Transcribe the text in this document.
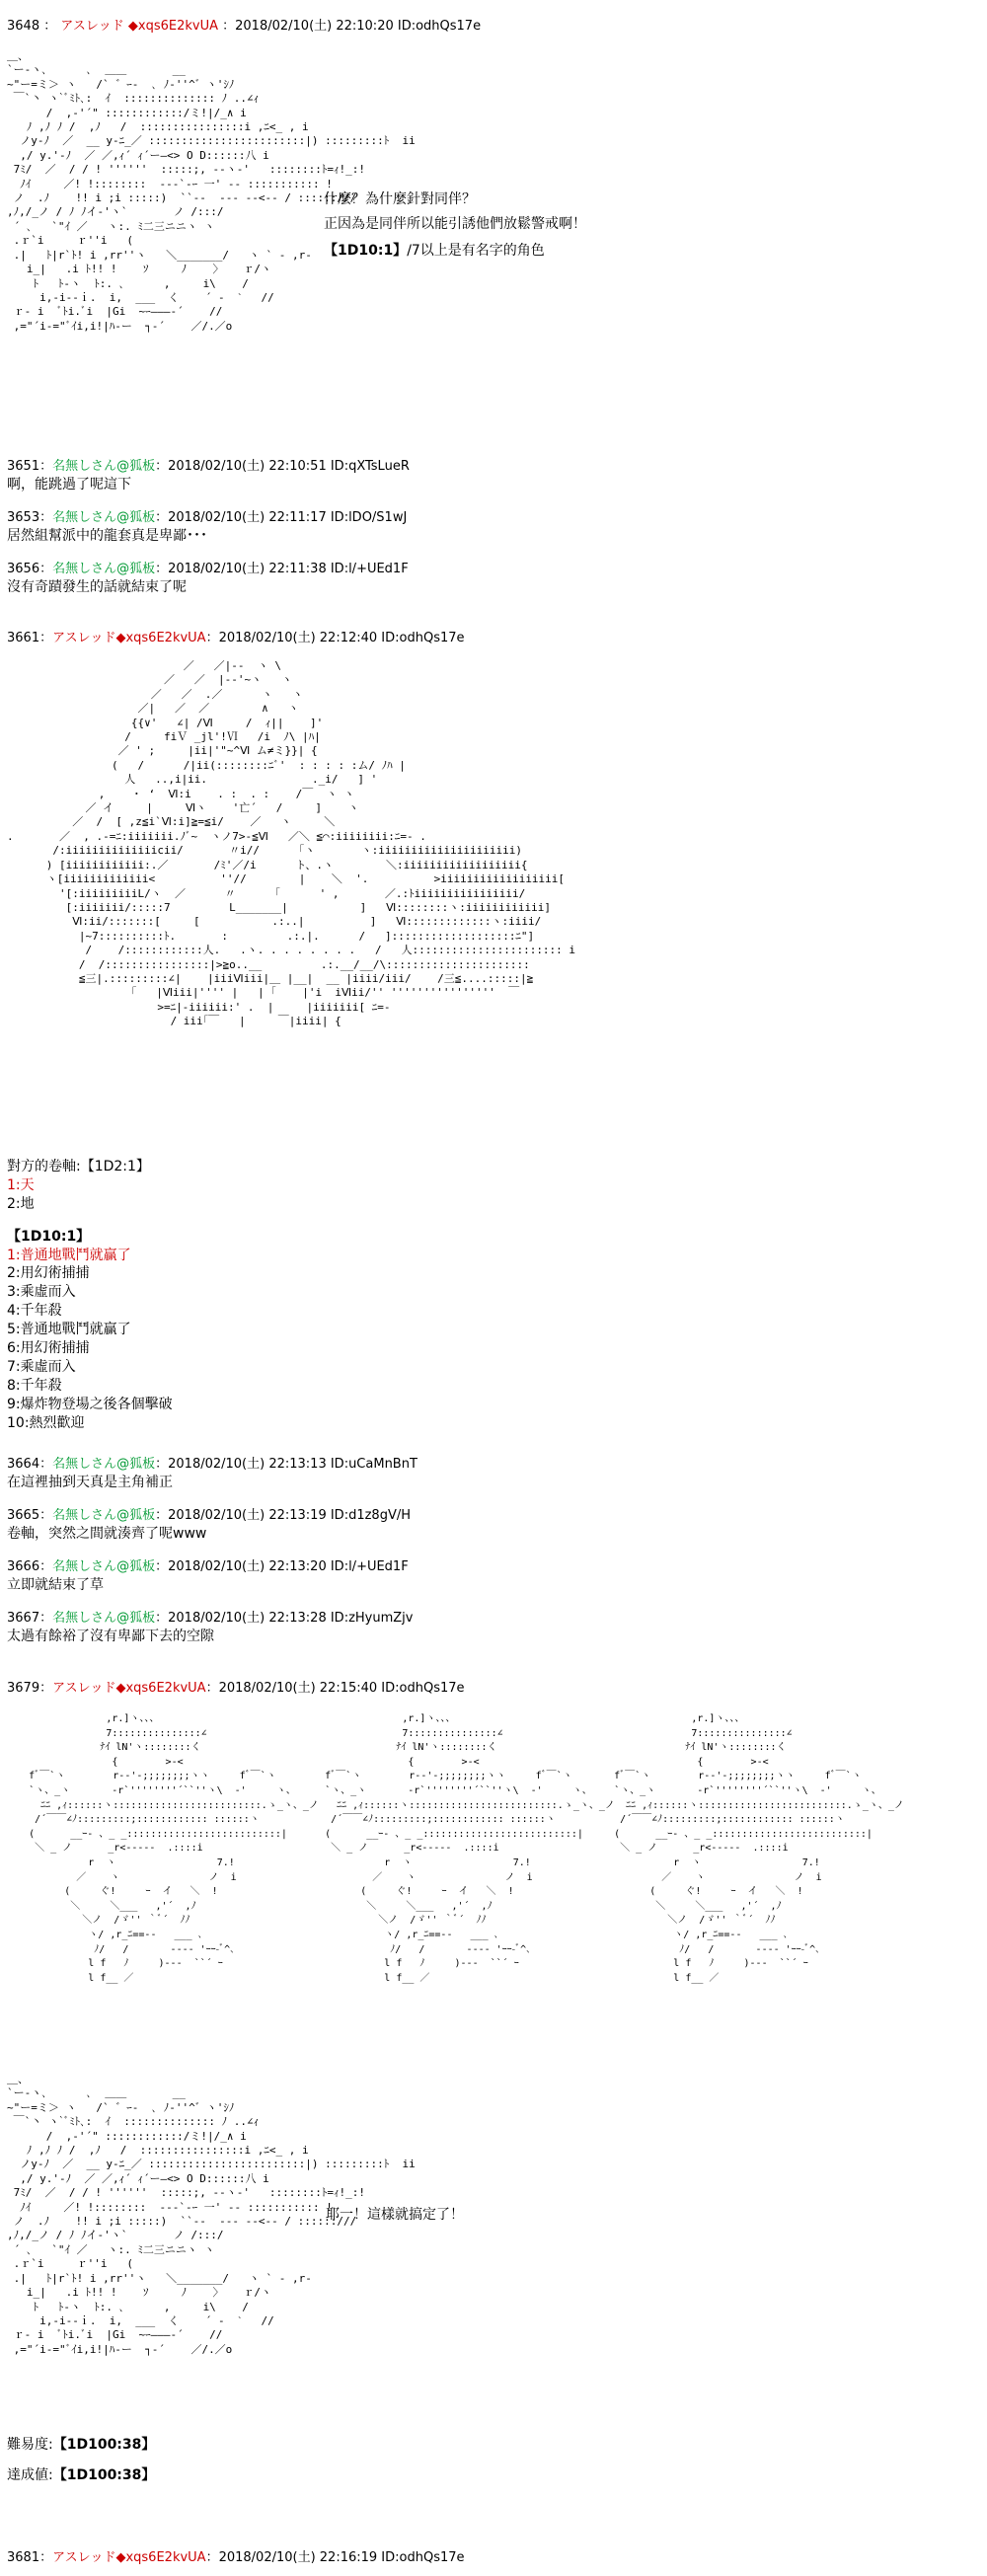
3648 ： アスレッド ◆xqs6E2kvUA ：2018/02/10(土) 22:10:20 ID:odhQs17e
＿、
`ー-ヽ､      ､  ＿＿       __
~"ー=ミ＞ ヽ   /` ゛ｰ-  ､ ﾉ‐''^゛ヽ'ｼﾉ
￣`丶 ヽ`ﾞﾐﾄ､:  ｲ  :::::::::::::: ﾉ ..∠ｨ
/  ,-'´" ::::::::::::/ミ!|/_∧ i
ﾉ ,ﾉ ﾉ /  ,ﾉ   /  ::::::::::::::::i ,ﾆ<_ , i
ノy-ﾉ  ／  __ y-ﾆ_／ ::::::::::::::::::::::::|) :::::::::ﾄ  ii
,/ y.'-ﾉ  ／ ／,ｨ´ ｨ´ー―<> O D::::::八 i
7ﾐ/  ／  / / ! ''''''  :::::;, -‐ヽ-'   ::::::::ﾄ=ｨ!_:!
ﾉｲ     ／! !::::::::  -‐‐`-ｰ 一' ‐‐ ::::::::::: !
ノ  .ﾉ    !! i ;i :::::)  ``‐‐  ‐-‐ -‐<-‐ / ::::::///
,ﾉ,/_ノ / ﾉ ﾉイ-'ヽ`       ノ /:::/
´ ､   `"ｲ ／   ヽ:. ﾐ二三ニニヽ ヽ
.ｒ`i     ｒ''i   (
.|   ﾄ|r`ﾄ! i ,rr''ヽ   ＼_______/   ヽ ` - ,r-
i_|   .i ﾄ!! !    ｿ     ﾉ    〉   ｒ/ヽ
ﾄ   ﾄ‐ヽ  ﾄ:. ､      ,     i\    /
i,-i--ｉ.  i,  ___  く    ´ -  ˋ   //
ｒ- i  ﾞﾄi.ﾞi  |Gi  ~ｰ―――‐´    //
,="´i-="ﾞｲi,i!|ﾊ-ー  ┐-´    ／/.／o
什麼？為什麼針對同伴？
正因為是同伴所以能引誘他們放鬆警戒啊！
【1D10:1】/7以上是有名字的角色
3651：名無しさん@狐板：2018/02/10(土) 22:10:51 ID:qXTsLueR
啊，能跳過了呢這下
3653：名無しさん@狐板：2018/02/10(土) 22:11:17 ID:lDO/S1wJ
居然組幫派中的龍套真是卑鄙･･･
3656：名無しさん@狐板：2018/02/10(土) 22:11:38 ID:l/+UEd1F
沒有奇蹟發生的話就結束了呢
3661：アスレッド◆xqs6E2kvUA：2018/02/10(土) 22:12:40 ID:odhQs17e
／   ／|‐‐  ヽ \
／   ／  |‐‐'~ヽ   ヽ
／   ／  .／      ヽ   ヽ
／|   ／  ／        ∧   ヽ
{{∨'   ∠| /Ⅵ     /  ｨ||    ]'
/     fiＶ _jl'!Ⅵ   /i  ﾉ\ |ﾊ|
／ ' ;     |ii|'"~^Ⅵ ム≠ミ}}| {
(   /      /|ii(::::::::ﾆﾞ'  : : : : :ム/ ﾉﾊ |
人   ..,i|ii.                ._i/   ] '
,    ・ ‘  Ⅵ:i    . :  . :    /￣  ヽ ヽ
／ イ     |     Ⅵヽ    '亡´   /     ]    ヽ
／  /  [ ,z≦i`Ⅵ:i]≧=≦i/    ／   ヽ     ＼
.       ／  , .-=ﾆ:iiiiiii.ﾉﾞ~  ヽノ7>-≦Ⅵ   ／＼ ≦⌒:iiiiiiii:ﾆ=- .
/:iiiiiiiiiiiiiicii/       〃i//      ｢ヽ       ヽ:iiiiiiiiiiiiiiiiiiiii)
) [iiiiiiiiiiii:.／       /ﾐ'／/i      ト、.ヽ        ＼:iiiiiiiiiiiiiiiiii{
ヽ[iiiiiiiiiiiii<          ''//        |    ＼  '.          >iiiiiiiiiiiiiiiiii[
'[:iiiiiiiiiL/ヽ  ／      〃      ｢      ' ,       ／.:ﾄiiiiiiiiiiiiiiii/
[:iiiiiii/:::::7         L_______|           ]   Ⅵ::::::::ヽ:iiiiiiiiiiii]
Ⅵ:ii/:::::::[     [           .:..|          ]   Ⅵ:::::::::::::ヽ:iiii/
|~7::::::::::ﾄ.       :         .:.|.      /   ]:::::::::::::::::::ﾆ"]
/    /::::::::::::人.   .ヽ. . . . . . . .   /   人::::::::::::::::::::::: i
/  /::::::::::::::::|>≧o..__         .:.__/__/\::::::::::::::::::::::
≦三|.:::::::::∠|    |iiiⅥiii|＿ |__|  __ |iiii/iii/    /三≦....:::::|≧
｢   |Ⅵiii|'''' |   | ｢    |'i  iⅥii/'' ''''''''''''''''  ￣
>=ﾆ|-iiiiii:' .  |     |iiiiiii[ ﾆ=-
/ iii｢￣   |     ￣|iiii| {
對方的卷軸:【1D2:1】
1:天
2:地
【1D10:1】
1:普通地戰鬥就贏了
2:用幻術捕捕
3:乘虛而入
4:千年殺
5:普通地戰鬥就贏了
6:用幻術捕捕
7:乘虛而入
8:千年殺
9:爆炸物登場之後各個擊破
10:熱烈歡迎
3664：名無しさん@狐板：2018/02/10(土) 22:13:13 ID:uCaMnBnT
在這裡抽到天真是主角補正
3665：名無しさん@狐板：2018/02/10(土) 22:13:19 ID:d1z8gV/H
卷軸，突然之間就湊齊了呢www
3666：名無しさん@狐板：2018/02/10(土) 22:13:20 ID:l/+UEd1F
立即就結束了草
3667：名無しさん@狐板：2018/02/10(土) 22:13:28 ID:zHyumZjv
太過有餘裕了沒有卑鄙下去的空隙
3679：アスレッド◆xqs6E2kvUA：2018/02/10(土) 22:15:40 ID:odhQs17e
,r.]ヽ、、、
7:::::::::::::::∠
ﾅｲ lN'ヽ::::::::く
{        >-<
fﾞ￣`ヽ        r‐-'‐;;;;;;;;ヽヽ     fﾞ￣`ヽ
`ヽ、_ヽ       ‐r`''''''''´``''ヽ\  ‐'     ヽ、
ﾆﾆ ,ｨ::::::ヽ:::::::::::::::::::::::::.ゝ_ヽ、_ノ
/´￣￣∠ﾉ:::::::::;:::::::::::: ::::::ヽ
(      __ｰ- 、_ _::::::::::::::::::::::::::|
＼ _ ノ      _r<‐‐‐‐‐  .::::i
r  ヽ                 7.!
／    ヽ               ノ  i
(     ぐ!     ｰ  イ   ＼  !
＼     ＼___   ,'´  ,ﾉ
＼ノ  /ゞ'' ｀ﾞ´  ﾉﾉ
ヽ/ ,r_ﾆ==‐-   ___ ､
ﾉ/   /       ‐‐‐‐ 'ｰｰ-ﾞ^､
l f   ﾉ     )‐‐‐  ``´ ｰ
l f__ ／
,r.]ヽ、、、
7:::::::::::::::∠
ﾅｲ lN'ヽ::::::::く
{        >-<
fﾞ￣`ヽ        r‐-'‐;;;;;;;;ヽヽ     fﾞ￣`ヽ
`ヽ、_ヽ       ‐r`''''''''´``''ヽ\  ‐'     ヽ、
ﾆﾆ ,ｨ::::::ヽ:::::::::::::::::::::::::.ゝ_ヽ、_ノ
/´￣￣∠ﾉ:::::::::;:::::::::::: ::::::ヽ
(      __ｰ- 、_ _::::::::::::::::::::::::::|
＼ _ ノ      _r<‐‐‐‐‐  .::::i
r  ヽ                 7.!
／    ヽ               ノ  i
(     ぐ!     ｰ  イ   ＼  !
＼     ＼___   ,'´  ,ﾉ
＼ノ  /ゞ'' ｀ﾞ´  ﾉﾉ
ヽ/ ,r_ﾆ==‐-   ___ ､
ﾉ/   /       ‐‐‐‐ 'ｰｰ-ﾞ^､
l f   ﾉ     )‐‐‐  ``´ ｰ
l f__ ／
,r.]ヽ、、、
7:::::::::::::::∠
ﾅｲ lN'ヽ::::::::く
{        >-<
fﾞ￣`ヽ        r‐-'‐;;;;;;;;ヽヽ     fﾞ￣`ヽ
`ヽ、_ヽ       ‐r`''''''''´``''ヽ\  ‐'     ヽ、
ﾆﾆ ,ｨ::::::ヽ:::::::::::::::::::::::::.ゝ_ヽ、_ノ
/´￣￣∠ﾉ:::::::::;:::::::::::: ::::::ヽ
(      __ｰ- 、_ _::::::::::::::::::::::::::|
＼ _ ノ      _r<‐‐‐‐‐  .::::i
r  ヽ                 7.!
／    ヽ               ノ  i
(     ぐ!     ｰ  イ   ＼  !
＼     ＼___   ,'´  ,ﾉ
＼ノ  /ゞ'' ｀ﾞ´  ﾉﾉ
ヽ/ ,r_ﾆ==‐-   ___ ､
ﾉ/   /       ‐‐‐‐ 'ｰｰ-ﾞ^､
l f   ﾉ     )‐‐‐  ``´ ｰ
l f__ ／
＿、
`ー-ヽ､      ､  ＿＿       __
~"ー=ミ＞ ヽ   /` ゛ｰ-  ､ ﾉ‐''^゛ヽ'ｼﾉ
￣`丶 ヽ`ﾞﾐﾄ､:  ｲ  :::::::::::::: ﾉ ..∠ｨ
/  ,-'´" ::::::::::::/ミ!|/_∧ i
ﾉ ,ﾉ ﾉ /  ,ﾉ   /  ::::::::::::::::i ,ﾆ<_ , i
ノy-ﾉ  ／  __ y-ﾆ_／ ::::::::::::::::::::::::|) :::::::::ﾄ  ii
,/ y.'-ﾉ  ／ ／,ｨ´ ｨ´ー―<> O D::::::八 i
7ﾐ/  ／  / / ! ''''''  :::::;, -‐ヽ-'   ::::::::ﾄ=ｨ!_:!
ﾉｲ     ／! !::::::::  -‐‐`-ｰ 一' ‐‐ ::::::::::: !
ノ  .ﾉ    !! i ;i :::::)  ``‐‐  ‐-‐ -‐<-‐ / ::::::///
,ﾉ,/_ノ / ﾉ ﾉイ-'ヽ`       ノ /:::/
´ ､   `"ｲ ／   ヽ:. ﾐ二三ニニヽ ヽ
.ｒ`i     ｒ''i   (
.|   ﾄ|r`ﾄ! i ,rr''ヽ   ＼_______/   ヽ ` - ,r-
i_|   .i ﾄ!! !    ｿ     ﾉ    〉   ｒ/ヽ
ﾄ   ﾄ‐ヽ  ﾄ:. ､      ,     i\    /
i,-i--ｉ.  i,  ___  く    ´ -  ˋ   //
ｒ- i  ﾞﾄi.ﾞi  |Gi  ~ｰ―――‐´    //
,="´i-="ﾞｲi,i!|ﾊ-ー  ┐-´    ／/.／o
耶一！這樣就搞定了！
難易度:【1D100:38】
達成値:【1D100:38】
3681：アスレッド◆xqs6E2kvUA：2018/02/10(土) 22:16:19 ID:odhQs17e
